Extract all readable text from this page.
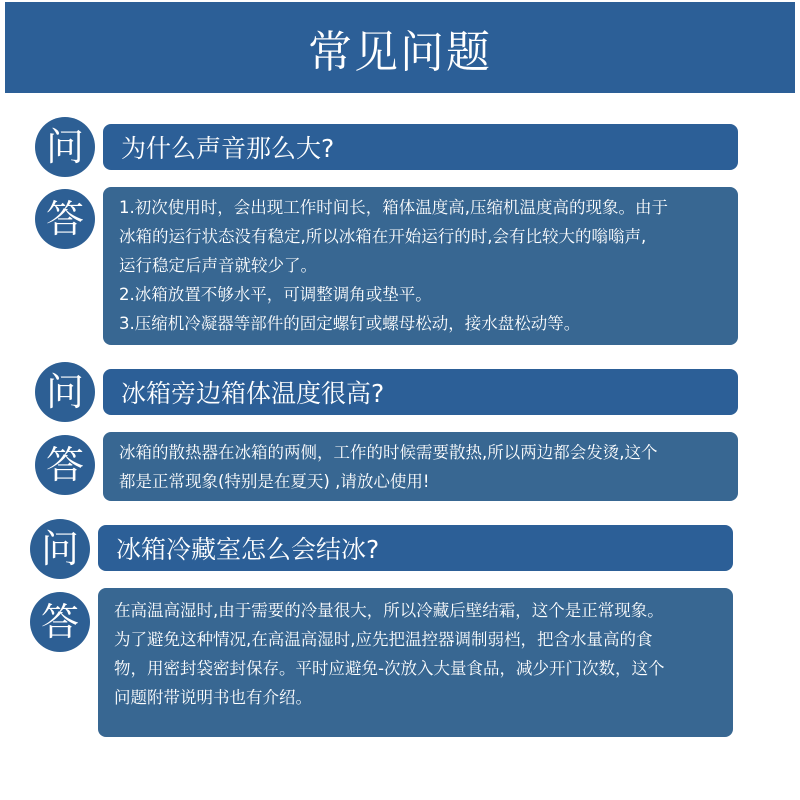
常见问题
问	为什么声音那么大?
答	1.初次使用时，会出现工作时间长，箱体温度高,压缩机温度高的现象。由于
冰箱的运行状态没有稳定,所以冰箱在开始运行的时,会有比较大的嗡嗡声,
运行稳定后声音就较少了。
2.冰箱放置不够水平，可调整调角或垫平。
3.压缩机冷凝器等部件的固定螺钉或螺母松动，接水盘松动等。
问	冰箱旁边箱体温度很高?
答	冰箱的散热器在冰箱的两侧，工作的时候需要散热,所以两边都会发烫,这个
都是正常现象(特别是在夏天) ,请放心使用!
问	冰箱冷藏室怎么会结冰?
答	在高温高湿时,由于需要的冷量很大，所以冷藏后壁结霜，这个是正常现象。
为了避免这种情况,在高温高湿时,应先把温控器调制弱档，把含水量高的食
物，用密封袋密封保存。平时应避免-次放入大量食品，减少开门次数，这个
问题附带说明书也有介绍。
